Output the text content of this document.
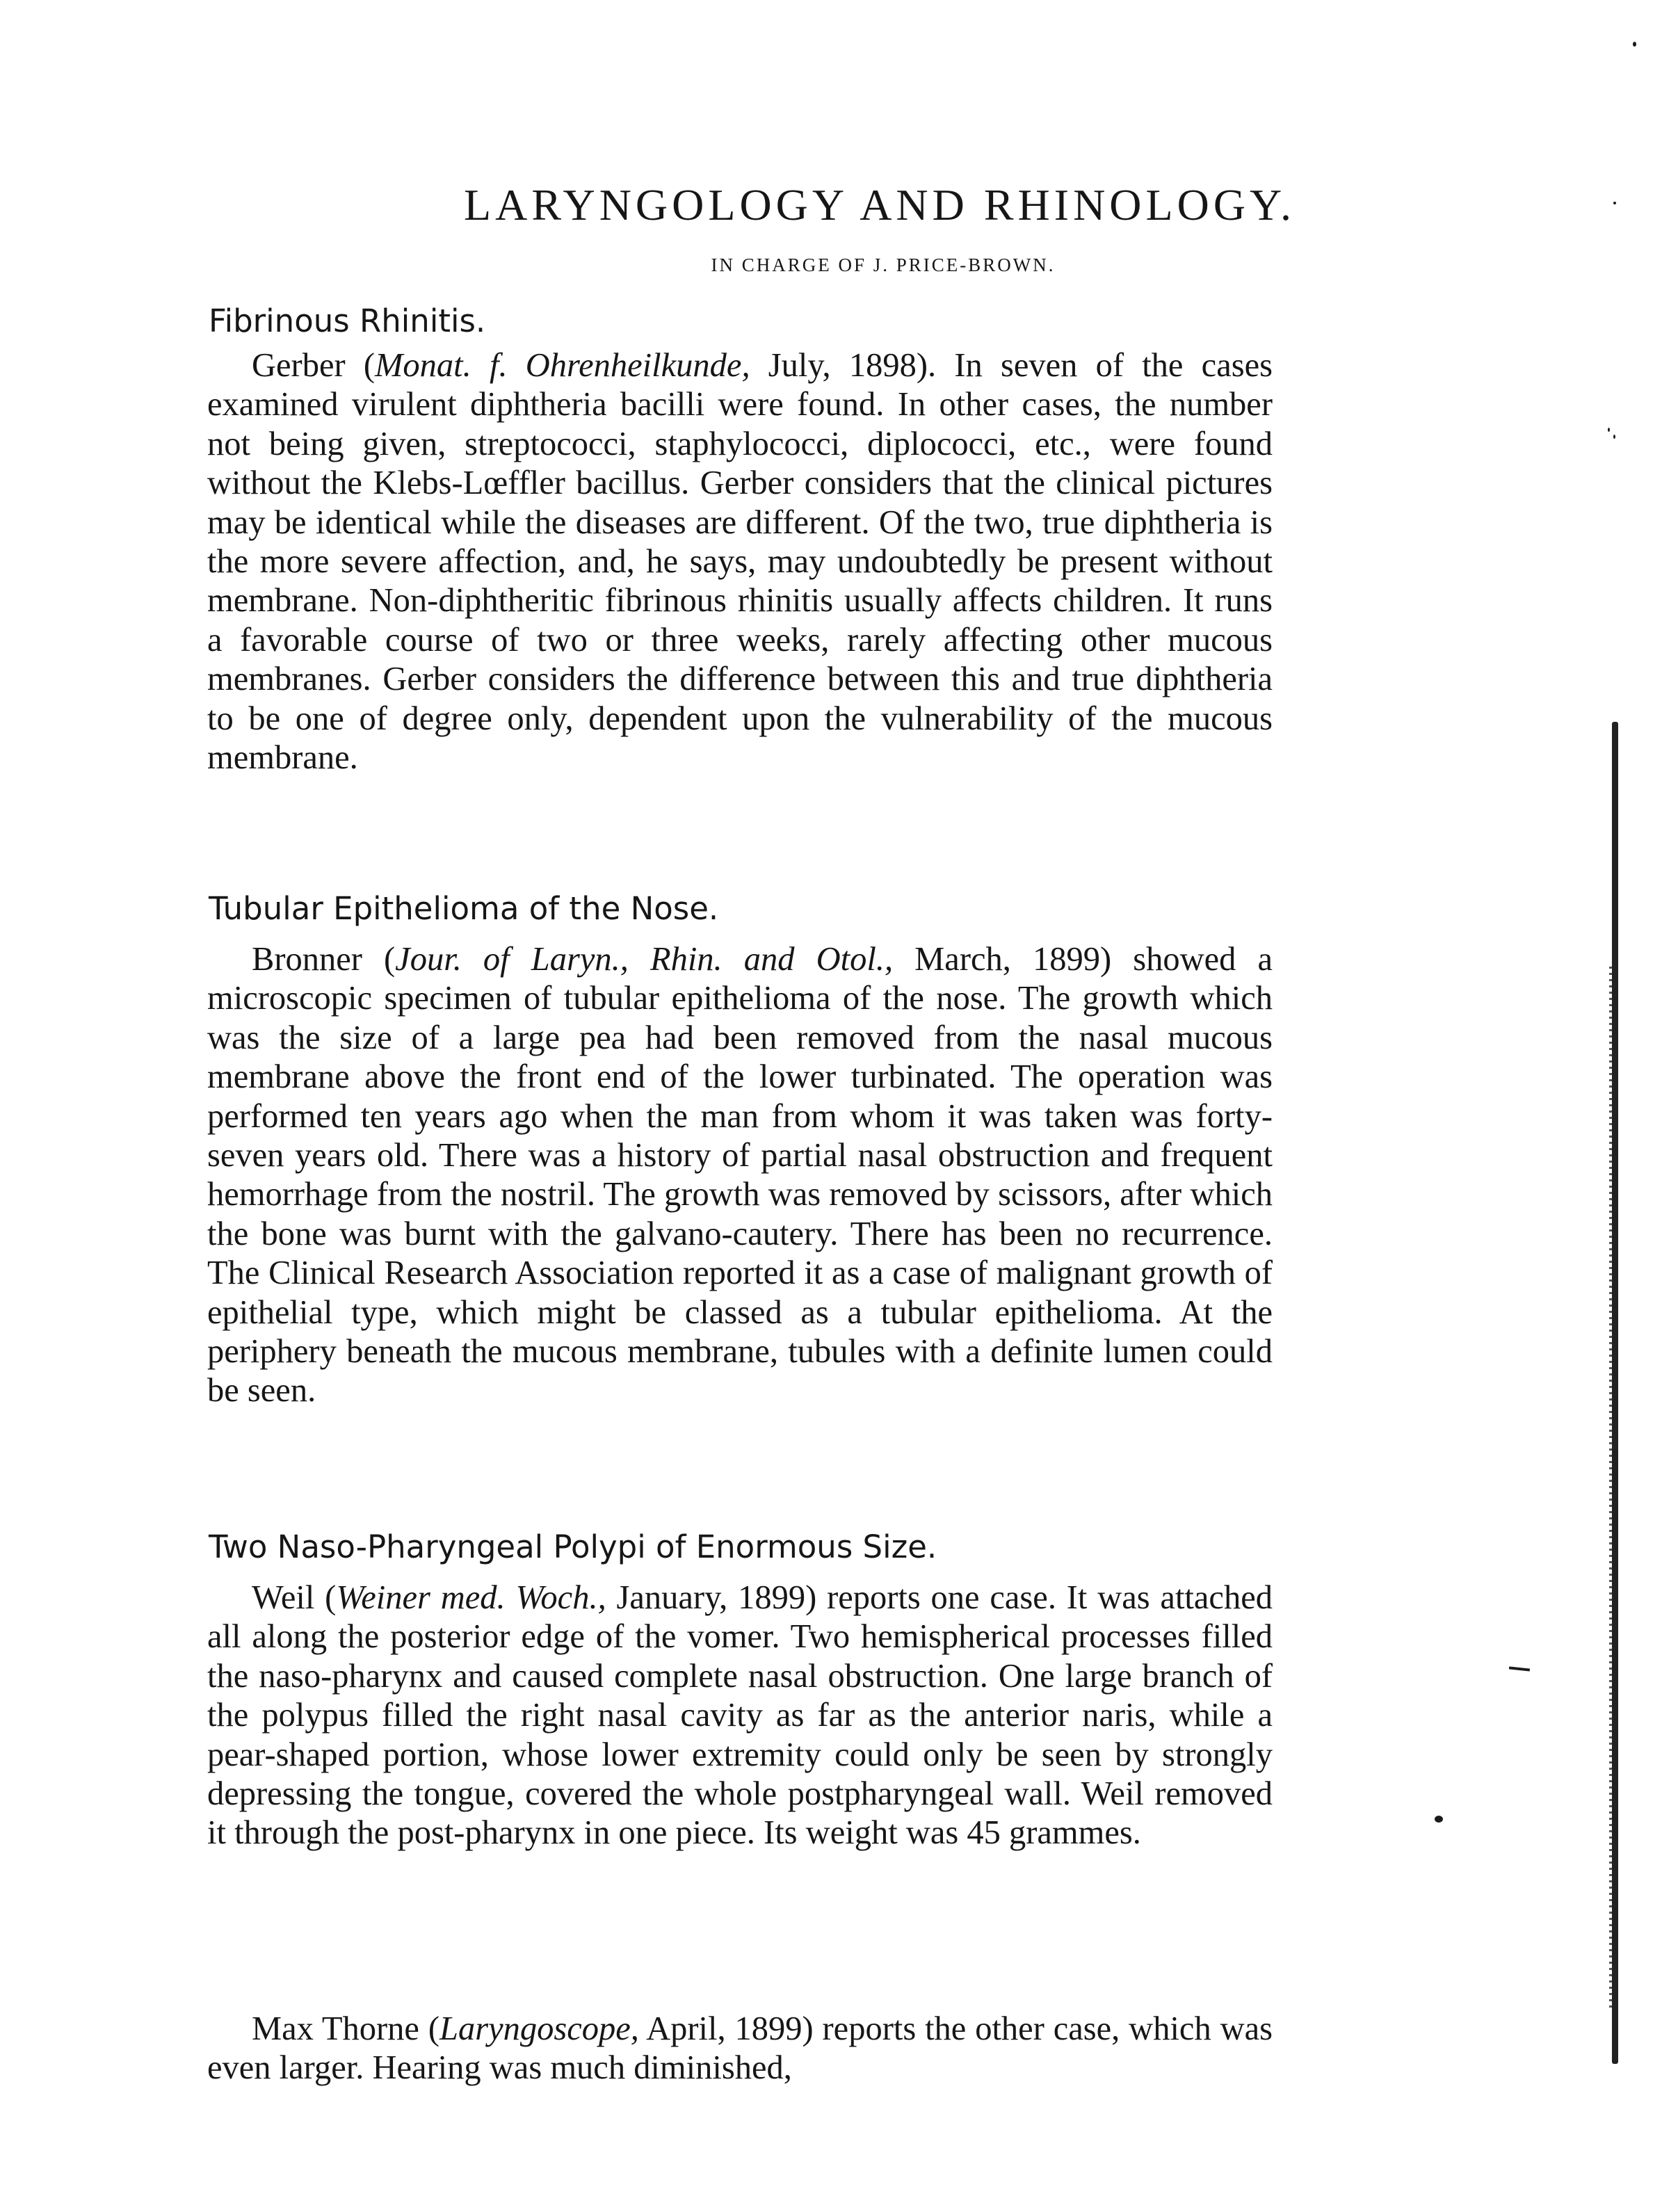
LARYNGOLOGY AND RHINOLOGY.
IN CHARGE OF J. PRICE-BROWN.
Fibrinous Rhinitis.

Gerber (Monat. f. Ohrenheilkunde, July, 1898). In seven of the cases examined virulent diphtheria bacilli were found. In other cases, the number not being given, streptococci, staphylococci, diplococci, etc., were found without the Klebs-Lœffler bacillus. Gerber considers that the clinical pictures may be identical while the diseases are different. Of the two, true diphtheria is the more severe affection, and, he says, may undoubtedly be present without membrane. Non-diphtheritic fibrinous rhinitis usually affects children. It runs a favorable course of two or three weeks, rarely affecting other mucous membranes. Gerber considers the difference between this and true diphtheria to be one of degree only, dependent upon the vulnerability of the mucous membrane.

Tubular Epithelioma of the Nose.

Bronner (Jour. of Laryn., Rhin. and Otol., March, 1899) showed a microscopic specimen of tubular epithelioma of the nose. The growth which was the size of a large pea had been removed from the nasal mucous membrane above the front end of the lower turbinated. The operation was performed ten years ago when the man from whom it was taken was forty-seven years old. There was a history of partial nasal obstruction and frequent hemorrhage from the nostril. The growth was removed by scissors, after which the bone was burnt with the galvano-cautery. There has been no recurrence. The Clinical Research Association reported it as a case of malignant growth of epithelial type, which might be classed as a tubular epithelioma. At the periphery beneath the mucous membrane, tubules with a definite lumen could be seen.

Two Naso-Pharyngeal Polypi of Enormous Size.

Weil (Weiner med. Woch., January, 1899) reports one case. It was attached all along the posterior edge of the vomer. Two hemispherical processes filled the naso-pharynx and caused complete nasal obstruction. One large branch of the polypus filled the right nasal cavity as far as the anterior naris, while a pear-shaped portion, whose lower extremity could only be seen by strongly depressing the tongue, covered the whole postpharyngeal wall. Weil removed it through the post-pharynx in one piece. Its weight was 45 grammes.

Max Thorne (Laryngoscope, April, 1899) reports the other case, which was even larger. Hearing was much diminished,
